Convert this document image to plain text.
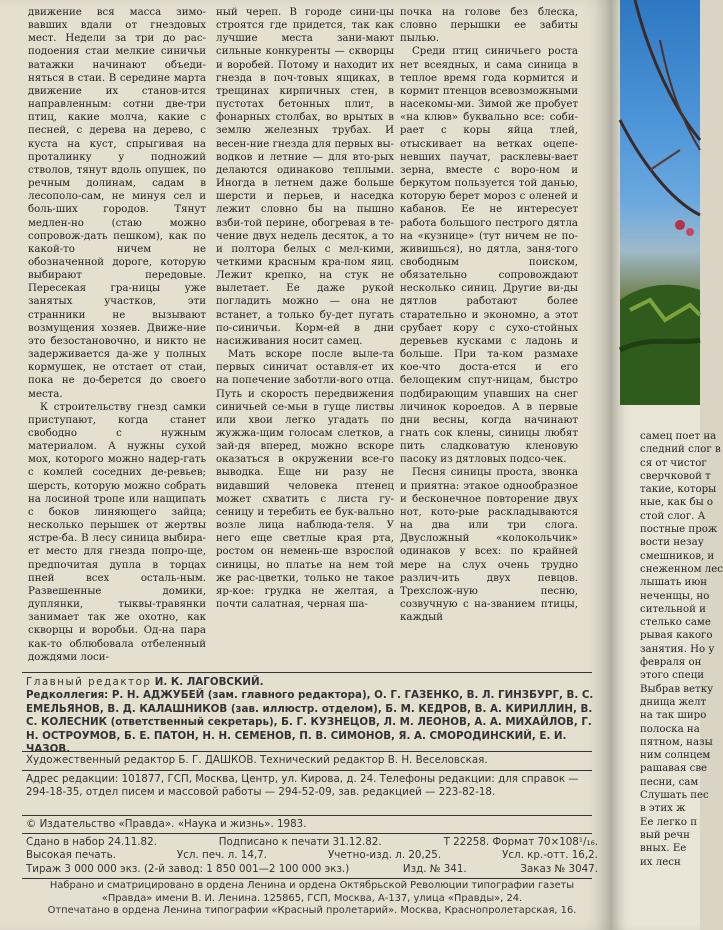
движение вся масса зимо-вавших вдали от гнездовых мест. Недели за три до рас-подоения стаи мелкие синичьи ватажки начинают объеди-няться в стаи. В середине марта движение их станов-ится направленным: сотни две-три птиц, какие молча, какие с песней, с дерева на дерево, с куста на куст, спрыгивая на проталинку у подножий стволов, тянут вдоль опушек, по речным долинам, садам в лесополо-сам, не минуя сел и боль-ших городов. Тянут медлен-но (стаю можно сопровож-дать пешком), как по какой-то ничем не обозначенной дороге, которую выбирают передовые. Пересекая гра-ницы уже занятых участков, эти странники не вызывают возмущения хозяев. Движе-ние это безостановочно, и никто не задерживается да-же у полных кормушек, не отстает от стаи, пока не до-берется до своего места.

К строительству гнезд самки приступают, когда станет свободно с нужным материалом. А нужны сухой мох, которого можно надер-гать с комлей соседних де-ревьев; шерсть, которую можно собрать на лосиной тропе или нащипать с боков линяющего зайца; несколько перышек от жертвы ястре-ба. В лесу синица выбира-ет место для гнезда попро-ще, предпочитая дупла в торцах пней всех осталь-ным. Развешенные домики, дуплянки, тыквы-травянки занимает так же охотно, как скворцы и воробьи. Од-на пара как-то облюбовала отбеленный дождями лоси-

ный череп. В городе сини-цы строятся где придется, так как лучшие места зани-мают сильные конкуренты — скворцы и воробей. Потому и находит их гнезда в поч-товых ящиках, в трещинах кирпичных стен, в пустотах бетонных плит, в фонарных столбах, во врытых в землю железных трубах. И весен-ние гнезда для первых вы-водков и летние — для вто-рых делаются одинаково теплыми. Иногда в летнем даже больше шерсти и перьев, и наседка лежит словно бы на пышно взби-той перине, обогревая в те-чение двух недель десяток, а то и полтора белых с мел-кими, четкими красным кра-пом яиц. Лежит крепко, на стук не вылетает. Ее даже рукой погладить можно — она не встанет, а только бу-дет пугать по-синичьи. Корм-ей в дни насиживания носит самец.

Мать вскоре после выле-та первых синичат оставля-ет их на попечение заботли-вого отца. Путь и скорость передвижения синичьей се-мьи в гуще листвы или хвои легко угадать по жужжа-щим голосам слетков, а зай-дя вперед, можно вскоре оказаться в окружении все-го выводка. Еще ни разу не видавший человека птенец может схватить с листа гу-сеницу и теребить ее бук-вально возле лица наблюда-теля. У него еще светлые края рта, ростом он немень-ше взрослой синицы, но платье на нем той же рас-цветки, только не такое яр-кое: грудка не желтая, а почти салатная, черная ша-

почка на голове без блеска, словно перышки ее забиты пылью.

Среди птиц синичьего роста нет всеядных, и сама синица в теплое время года кормится и кормит птенцов всевозможными насекомы-ми. Зимой же пробует «на клюв» буквально все: соби-рает с коры яйца тлей, отыскивает на ветках оцепе-невших паучат, расклевы-вает зерна, вместе с воро-ном и беркутом пользуется той данью, которую берет мороз с оленей и кабанов. Ее не интересует работа большого пестрого дятла на «кузнице» (тут ничем не по-живишься), но дятла, заня-того свободным поиском, обязательно сопровождают несколько синиц. Другие ви-ды дятлов работают более старательно и экономно, а этот срубает кору с сухо-стойных деревьев кусками с ладонь и больше. При та-ком размахе кое-что доста-ется и его белощеким спут-ницам, быстро подбирающим упавших на снег личинок короедов. А в первые дни весны, когда начинают гнать сок клены, синицы любят пить сладковатую кленовую пасоку из дятловых подсо-чек.

Песня синицы проста, звонка и приятна: этакое однообразное и бесконечное повторение двух нот, кото-рые раскладываются на два или три слога. Двусложный «колокольчик» одинаков у всех: по крайней мере на слух очень трудно различ-ить двух певцов. Трехслож-ную песню, созвучную с на-званием птицы, каждый

Главный редактор И. К. ЛАГОВСКИЙ.

Редколлегия: Р. Н. АДЖУБЕЙ (зам. главного редактора), О. Г. ГАЗЕНКО, В. Л. ГИНЗБУРГ, В. С. ЕМЕЛЬЯНОВ, В. Д. КАЛАШНИКОВ (зав. иллюстр. отделом), Б. М. КЕДРОВ, В. А. КИРИЛЛИН, В. С. КОЛЕСНИК (ответственный секретарь), Б. Г. КУЗНЕЦОВ, Л. М. ЛЕОНОВ, А. А. МИХАЙЛОВ, Г. Н. ОСТРОУМОВ, Б. Е. ПАТОН, Н. Н. СЕМЕНОВ, П. В. СИМОНОВ, Я. А. СМОРОДИНСКИЙ, Е. И. ЧАЗОВ.

Художественный редактор Б. Г. ДАШКОВ. Технический редактор В. Н. Веселовская.

Адрес редакции: 101877, ГСП, Москва, Центр, ул. Кирова, д. 24. Телефоны редакции: для справок — 294-18-35, отдел писем и массовой работы — 294-52-09, зав. редакцией — 223-82-18.

© Издательство «Правда». «Наука и жизнь». 1983.

Сдано в набор 24.11.82.	Подписано к печати 31.12.82.	Т 22258. Формат 70×108¹/₁₆.

Высокая печать.	Усл. печ. л. 14,7.	Учетно-изд. л. 20,25.	Усл. кр.-отт. 16,2.

Тираж 3 000 000 экз. (2-й завод: 1 850 001—2 100 000 экз.)	Изд. № 341.	Заказ № 3047.

Набрано и сматрицировано в ордена Ленина и ордена Октябрьской Революции типографии газеты «Правда» имени В. И. Ленина. 125865, ГСП, Москва, А-137, улица «Правды», 24.

Отпечатано в ордена Ленина типографии «Красный пролетарий». Москва, Краснопролетарская, 16.

самец поет на
следний слог в
ся от чистог
сверчковой т
такие, которы
ные, как бы о
стой слог. А
постные прож
вости незау
смешников, и
снеженном лес
лышать июн
неченщы, но
сительной и
стелько саме
рывая какого
занятия. Но у
февраля он
этого специ
Выбрав ветку
днища желт
на так широ
полоска на
пятном, назы
ним солнцем
рашавая све
песни, сам
Слушать пес
в этих ж
Ее легко п
вый речн
вных. Ее
их лесн
